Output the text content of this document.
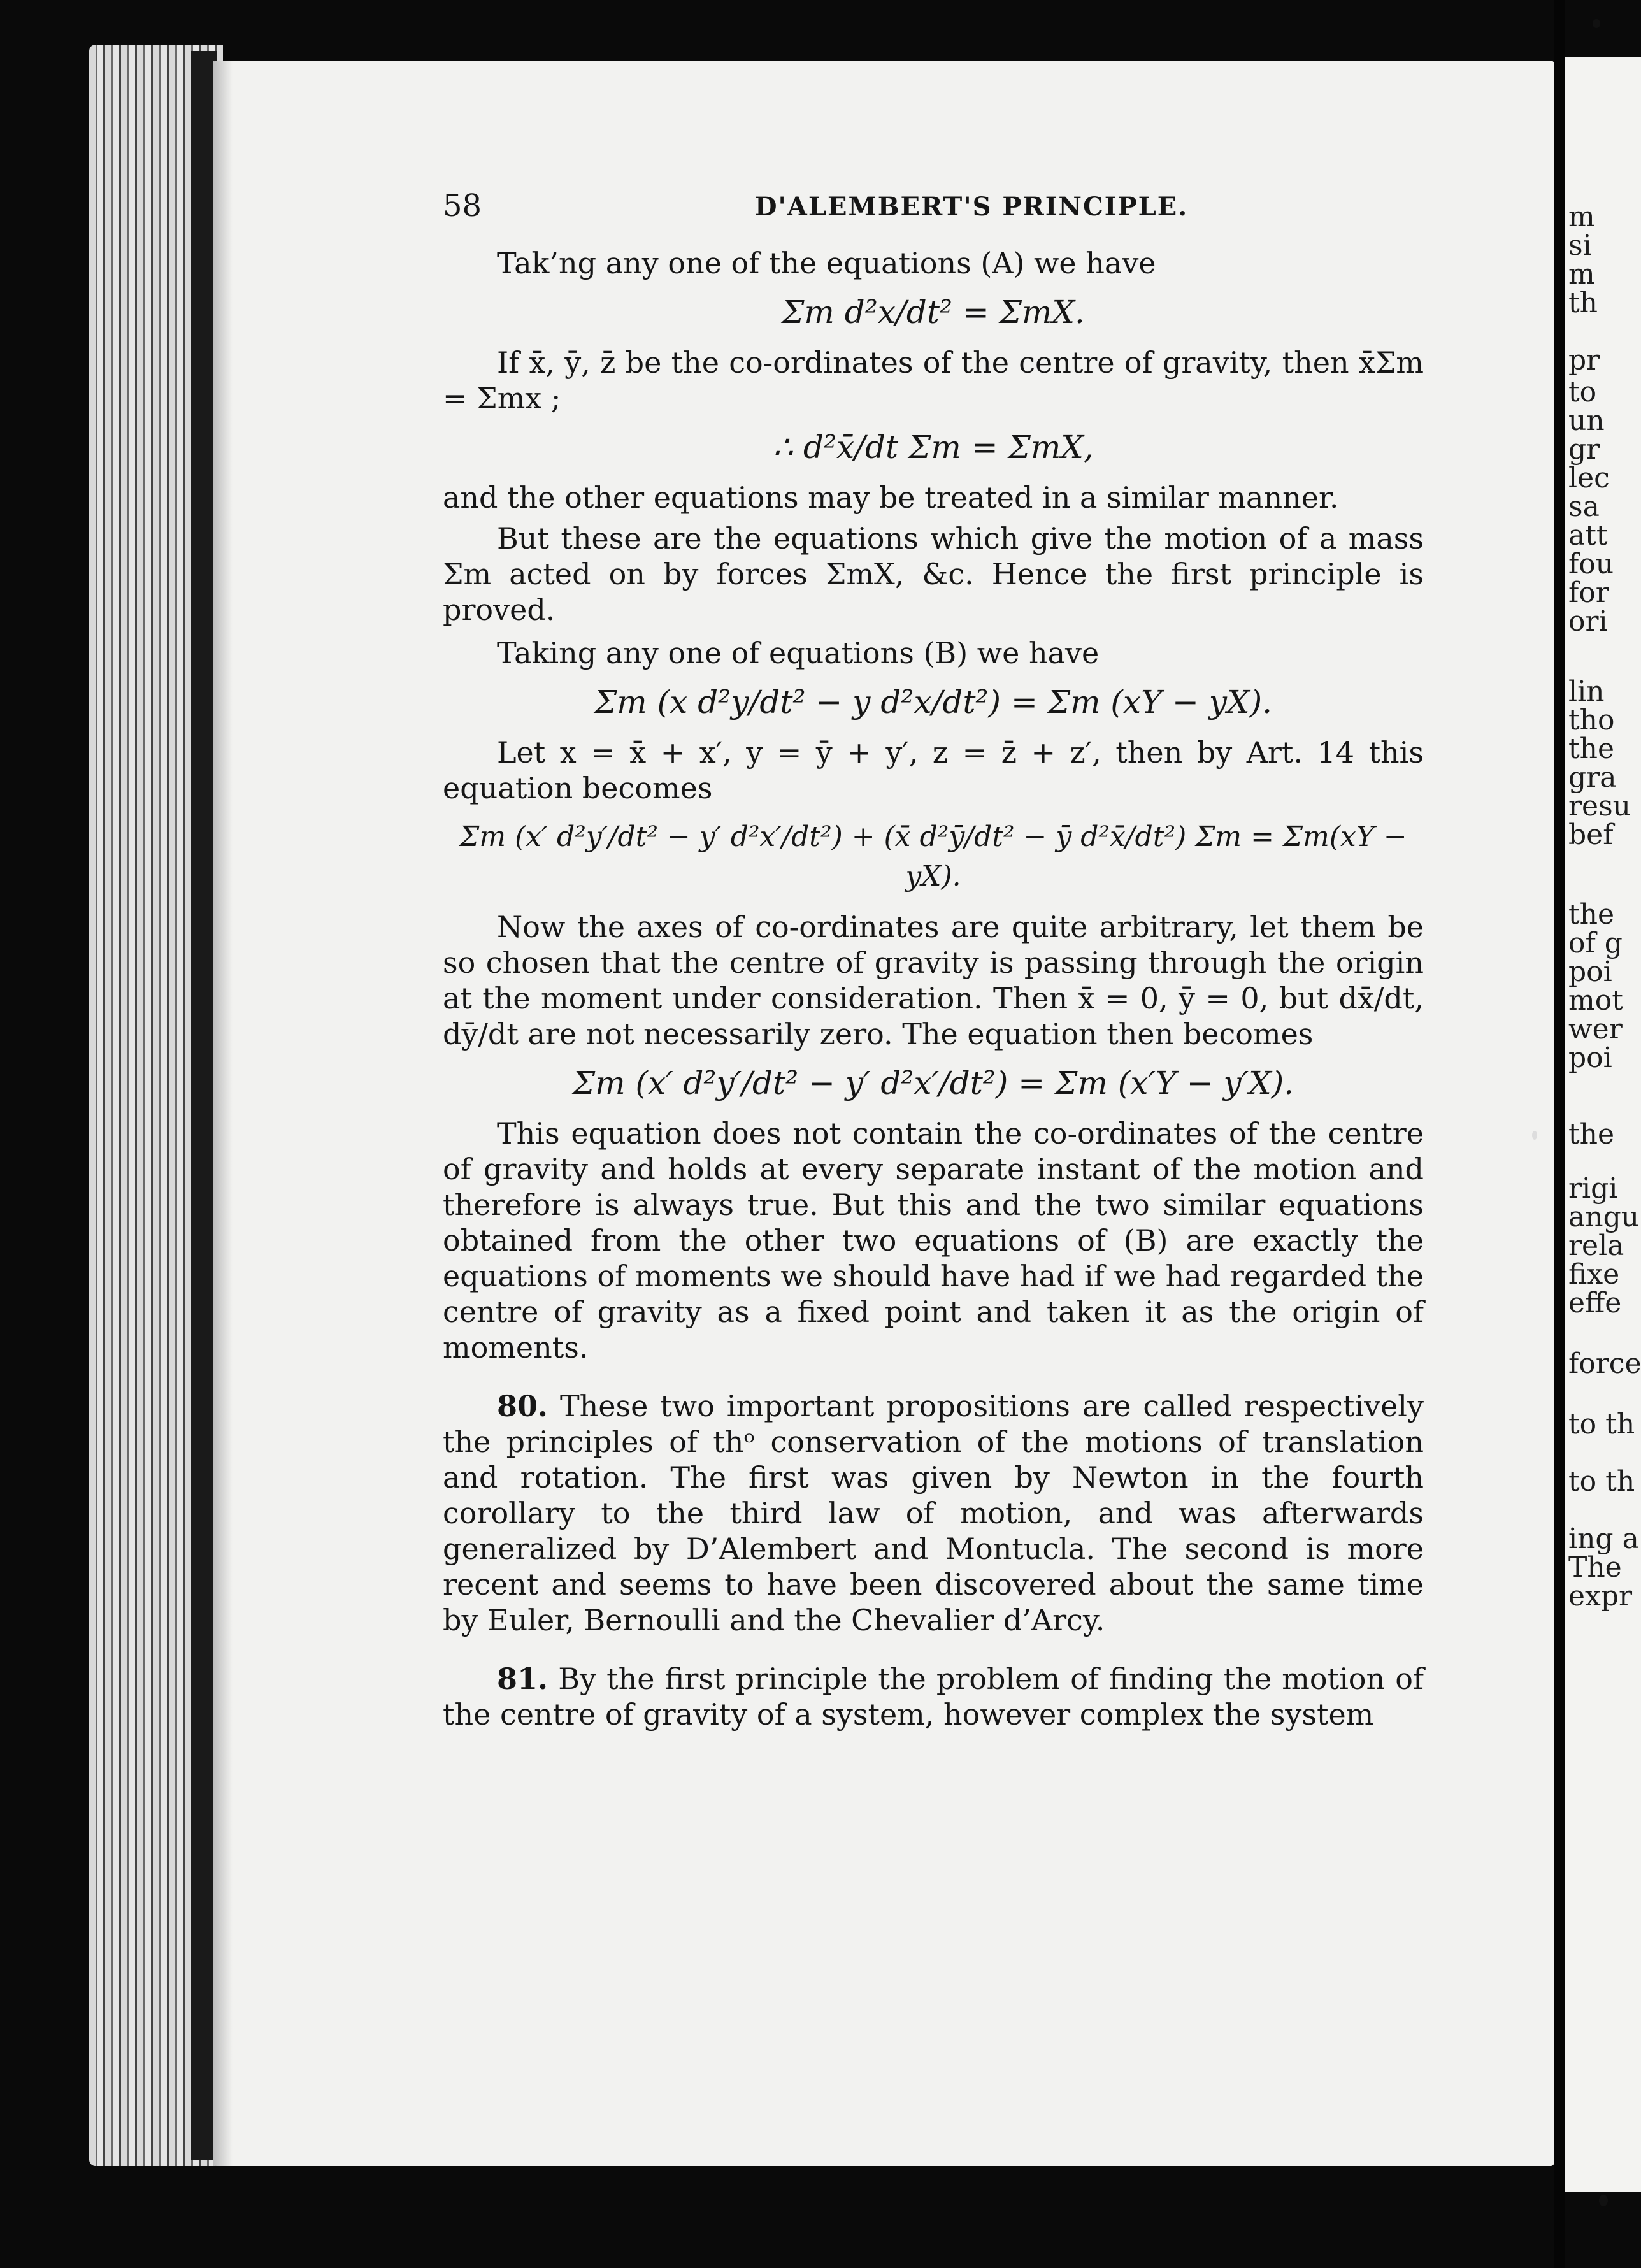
m
si
m
th
pr
to
un
gr
lec
sa
att
fou
for
ori
lin
tho
the
gra
resu
bef
the
of g
poi
mot
wer
poi
the
rigi
angu
rela
fixe
effe
force
to th
to th
ing a
The
expr
58	D'ALEMBERT'S PRINCIPLE.

Tak’ng any one of the equations (A) we have

Σm d²x/dt² = ΣmX.

If x̄, ȳ, z̄ be the co-ordinates of the centre of gravity, then x̄Σm = Σmx ;

∴ d²x̄/dt Σm = ΣmX,

and the other equations may be treated in a similar manner.

But these are the equations which give the motion of a mass Σm acted on by forces ΣmX, &c. Hence the first principle is proved.

Taking any one of equations (B) we have

Σm (x d²y/dt² − y d²x/dt²) = Σm (xY − yX).

Let x = x̄ + x′, y = ȳ + y′, z = z̄ + z′, then by Art. 14 this equation becomes

Σm (x′ d²y′/dt² − y′ d²x′/dt²) + (x̄ d²ȳ/dt² − ȳ d²x̄/dt²) Σm = Σm(xY − yX).

Now the axes of co-ordinates are quite arbitrary, let them be so chosen that the centre of gravity is passing through the origin at the moment under consideration. Then x̄ = 0, ȳ = 0, but dx̄/dt, dȳ/dt are not necessarily zero. The equation then becomes

Σm (x′ d²y′/dt² − y′ d²x′/dt²) = Σm (x′Y − y′X).

This equation does not contain the co-ordinates of the centre of gravity and holds at every separate instant of the motion and therefore is always true. But this and the two similar equations obtained from the other two equations of (B) are exactly the equations of moments we should have had if we had regarded the centre of gravity as a fixed point and taken it as the origin of moments.

80. These two important propositions are called respectively the principles of thᵒ conservation of the motions of translation and rotation. The first was given by Newton in the fourth corollary to the third law of motion, and was afterwards generalized by D’Alembert and Montucla. The second is more recent and seems to have been discovered about the same time by Euler, Bernoulli and the Chevalier d’Arcy.

81. By the first principle the problem of finding the motion of the centre of gravity of a system, however complex the system
